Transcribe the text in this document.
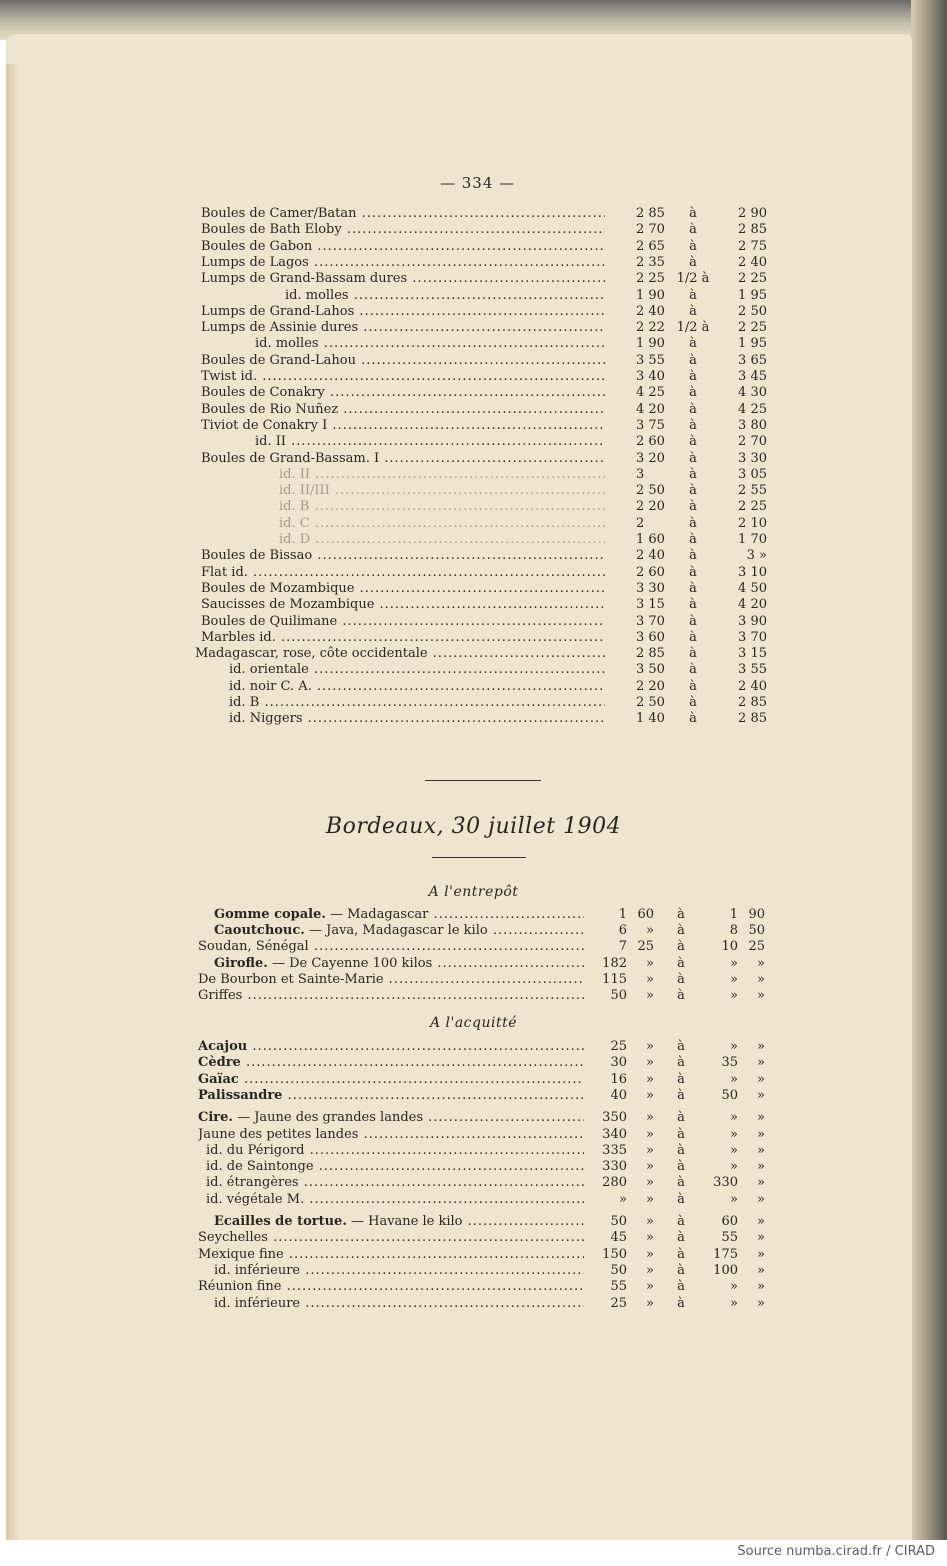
— 334 —
Boules de Camer/Batan .....	2 85	à	2 90
Boules de Bath Eloby .....	2 70	à	2 85
Boules de Gabon .....	2 65	à	2 75
Lumps de Lagos .....	2 35	à	2 40
Lumps de Grand-Bassam dures .....	2 25 1/2 à	2 25
id. molles .....	1 90	à	1 95
Lumps de Grand-Lahos .....	2 40	à	2 50
Lumps de Assinie dures .....	2 22 1/2 à	2 25
id. molles .....	1 90	à	1 95
Boules de Grand-Lahou .....	3 55	à	3 65
Twist id. .....	3 40	à	3 45
Boules de Conakry .....	4 25	à	4 30
Boules de Rio Nuñez .....	4 20	à	4 25
Tiviot de Conakry I .....	3 75	à	3 80
id. II .....	2 60	à	2 70
Boules de Grand-Bassam. I .....	3 20	à	3 30
id. II .....	3	à	3 05
id. II/III .....	2 50	à	2 55
id. B .....	2 20	à	2 25
id. C .....	2	à	2 10
id. D .....	1 60	à	1 70
Boules de Bissao .....	2 40	à	3 »
Flat id. .....	2 60	à	3 10
Boules de Mozambique .....	3 30	à	4 50
Saucisses de Mozambique .....	3 15	à	4 20
Boules de Quilimane .....	3 70	à	3 90
Marbles id. .....	3 60	à	3 70
Madagascar, rose, côte occidentale .....	2 85	à	3 15
id. orientale .....	3 50	à	3 55
id. noir C. A. .....	2 20	à	2 40
id. B .....	2 50	à	2 85
id. Niggers .....	1 40	à	2 85
Bordeaux, 30 juillet 1904
A l'entrepôt
Gomme copale. — Madagascar .....	1 60	à	1 90
Caoutchouc. — Java, Madagascar le kilo .....	6	»	à	8 50
Soudan, Sénégal .....	7 25	à	10 25
Girofle. — De Cayenne 100 kilos .....	182	»	à	»	»
De Bourbon et Sainte-Marie .....	115	»	à	»	»
Griffes .....	50	»	à	»	»
A l'acquitté
Acajou .....	25	»	à	»	»
Cèdre .....	30	»	à	35	»
Gaïac .....	16	»	à	»	»
Palissandre .....	40	»	à	50	»
Cire. — Jaune des grandes landes .....	350	»	à	»	»
Jaune des petites landes .....	340	»	à	»	»
id. du Périgord .....	335	»	à	»	»
id. de Saintonge .....	330	»	à	»	»
id. étrangères .....	280	»	à	330	»
id. végétale M. .....	»	»	à	»	»
Ecailles de tortue. — Havane le kilo .....	50	»	à	60	»
Seychelles .....	45	»	à	55	»
Mexique fine .....	150	»	à	175	»
id. inférieure .....	50	»	à	100	»
Réunion fine .....	55	»	à	»	»
id. inférieure .....	25	»	à	»	»
Source numba.cirad.fr / CIRAD
